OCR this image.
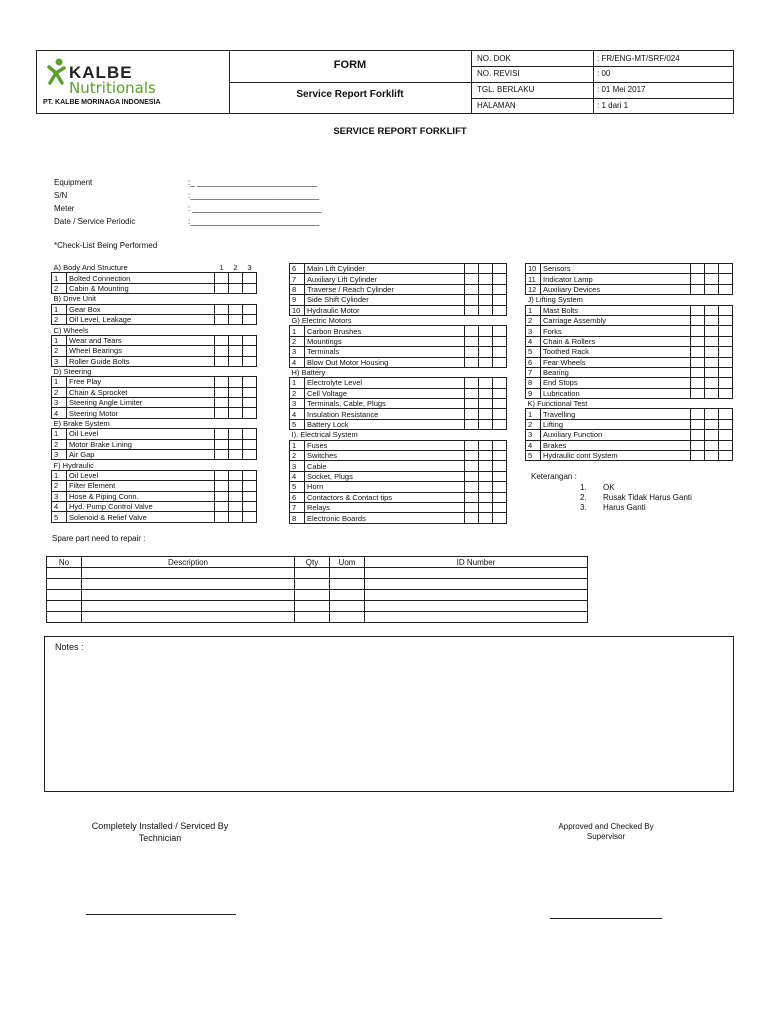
KALBE
Nutritionals
PT. KALBE MORINAGA INDONESIA
FORM
Service Report Forklift
NO. DOK	: FR/ENG-MT/SRF/024
NO. REVISI	: 00
TGL. BERLAKU	: 01 Mei 2017
HALAMAN	: 1 dari 1
SERVICE REPORT FORKLIFT
Equipment	:_ ___________________________
S/N	:_____________________________
Meter	: _____________________________
Date / Service Periodic	:_____________________________
*Check-List Being Performed
A) Body And Structure		1	2	3
1	Bolted Connection			
2	Cabin & Mounting			
B) Drive Unit				
1	Gear Box			
2	Oil Level, Leakage			
C) Wheels				
1	Wear and Tears			
2	Wheel Bearings			
3	Roller Guide Bolts			
D) Steering				
1	Free Play			
2	Chain & Sprocket			
3	Steering Angle Limiter			
4	Steering Motor			
E) Brake System				
1	Oil Level			
2	Motor Brake Lining			
3	Air Gap			
F) Hydraulic				
1	Oil Level			
2	Filter Element			
3	Hose & Piping Conn.			
4	Hyd. Pump Control Valve			
5	Solenoid & Relief Valve			
6	Main Lift Cylinder			
7	Auxiliary Lift Cylinder			
8	Traverse / Reach Cylinder			
9	Side Shift Cylinder			
10	Hydraulic Motor			
G) Electric Motors				
1	Carbon Brushes			
2	Mountings			
3	Terminals			
4	Blow Out Motor Housing			
H) Battery				
1	Electrolyte Level			
2	Cell Voltage			
3	Terminals, Cable, Plugs			
4	Insulation Resistance			
5	Battery Lock			
I). Electrical System				
1	Fuses			
2	Switches			
3	Cable			
4	Socket, Plugs			
5	Horn			
6	Contactors & Contact tips			
7	Relays			
8	Electronic Boards			
10	Sensors			
11	Indicator Lamp			
12	Auxiliary Devices			
J) Lifting System				
1	Mast Bolts			
2	Carriage Assembly			
3	Forks			
4	Chain & Rollers			
5	Toothed Rack			
6	Fear Wheels			
7	Bearing			
8	End Stops			
9	Lubrication			
K) Functional Test				
1	Travelling			
2	Lifting			
3	Auxiliary Function			
4	Brakes			
5	Hydraulic cont System			
Keterangan :
1. OK
2. Rusak Tidak Harus Ganti
3. Harus Ganti
Spare part need to repair :
No	Description	Qty	Uom	ID Number

Notes :
Completely Installed / Serviced By
Technician
Approved and Checked By
Supervisor
